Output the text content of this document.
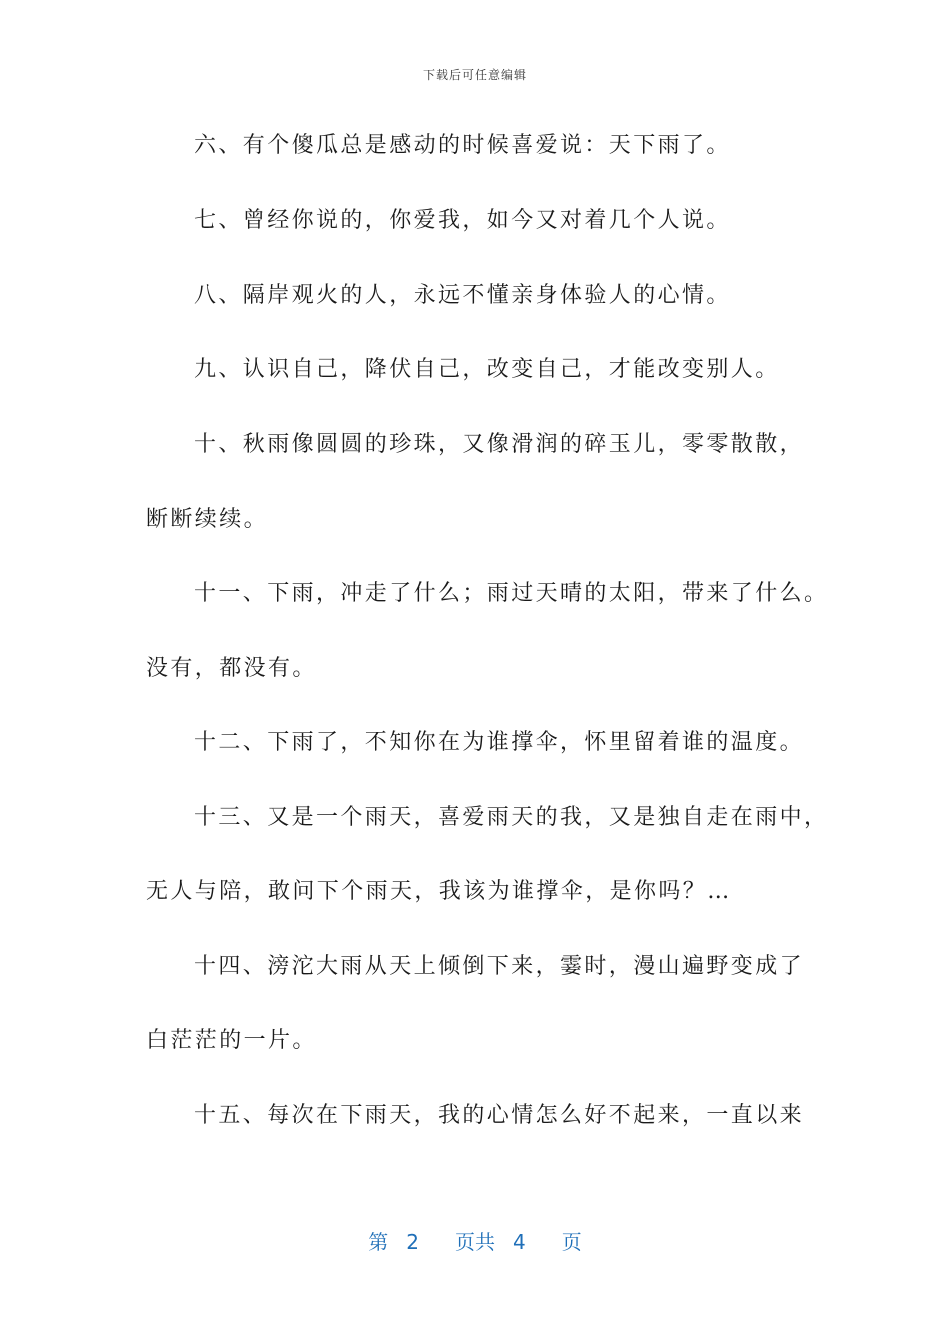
下载后可任意编辑
六、有个傻瓜总是感动的时候喜爱说：天下雨了。
七、曾经你说的，你爱我，如今又对着几个人说。
八、隔岸观火的人，永远不懂亲身体验人的心情。
九、认识自己，降伏自己，改变自己，才能改变别人。
十、秋雨像圆圆的珍珠，又像滑润的碎玉儿，零零散散，
断断续续。
十一、下雨，冲走了什么；雨过天晴的太阳，带来了什么。
没有，都没有。
十二、下雨了，不知你在为谁撑伞，怀里留着谁的温度。
十三、又是一个雨天，喜爱雨天的我，又是独自走在雨中，
无人与陪，敢问下个雨天，我该为谁撑伞，是你吗？…
十四、滂沱大雨从天上倾倒下来，霎时，漫山遍野变成了
白茫茫的一片。
十五、每次在下雨天，我的心情怎么好不起来，一直以来
第 2 页共 4 页
